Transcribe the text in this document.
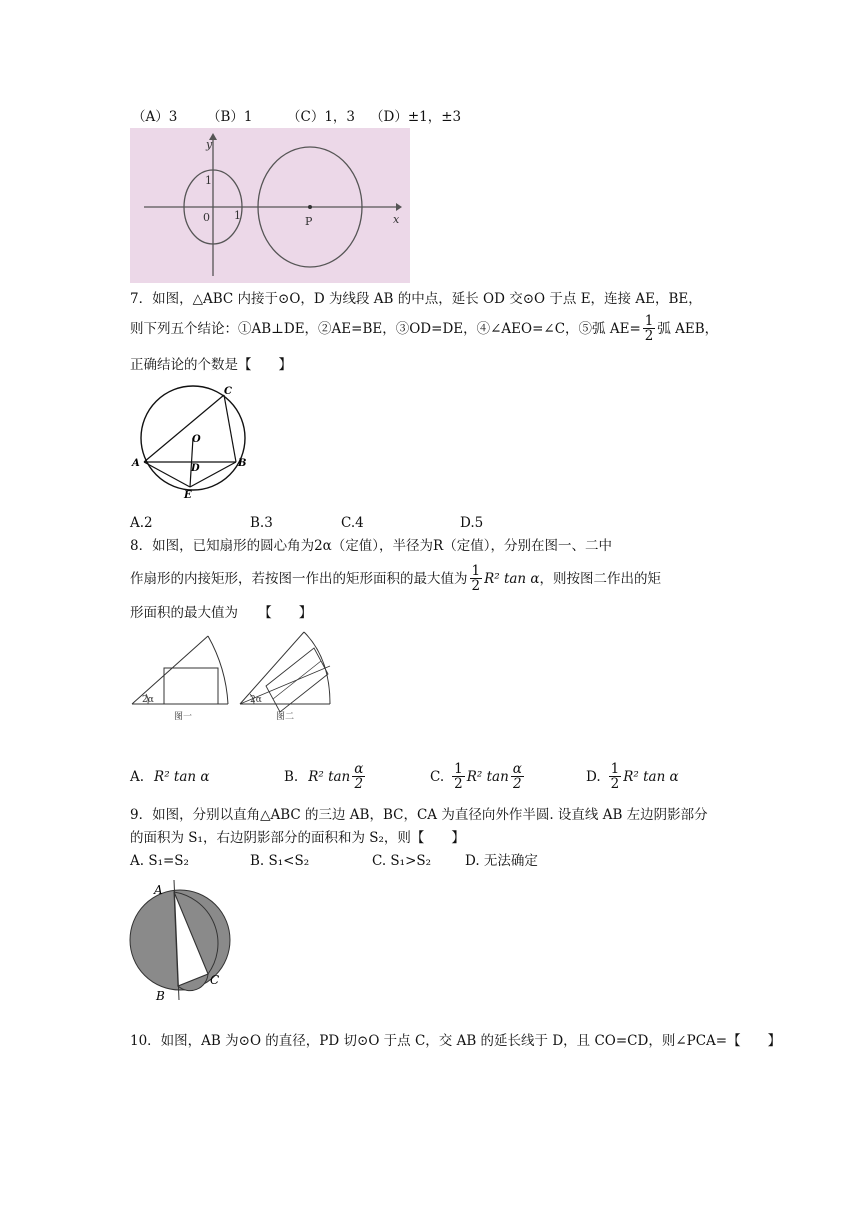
（A）3 （B）1	（C）1，3 （D）±1，±3
y
x
1
0 1	P
7．如图，△ABC 内接于⊙O，D 为线段 AB 的中点，延长 OD 交⊙O 于点 E，连接 AE，BE，
则下列五个结论：①AB⊥DE，②AE=BE，③OD=DE，④∠AEO=∠C，⑤弧 $AE= \frac{1}{2}$ 弧 AEB，
正确结论的个数是【　　】
A	B
C
O
D
E
A.2	B.3	C.4	D.5
8．如图，已知扇形的圆心角为2α（定值），半径为R（定值），分别在图一、二中
作扇形的内接矩形，若按图一作出的矩形面积的最大值为 $\frac{1}{2} R^2$ tan α ，则按图二作出的矩
形面积的最大值为　　【　　】
2α
图一
2α
图二
A. R² tan α	B. R² $\tan \frac{\alpha}{2}$	C. $\frac{1}{2} R^2$ $\tan \frac{\alpha}{2}$	D. $\frac{1}{2} R^2$ tan α
9．如图，分别以直角△ABC 的三边 AB，BC，CA 为直径向外作半圆. 设直线 AB 左边阴影部分
的面积为 S₁，右边阴影部分的面积和为 S₂，则【　　】
A. S₁=S₂	B. S₁<S₂	C. S₁>S₂	D. 无法确定
A
B
C
10．如图，AB 为⊙O 的直径，PD 切⊙O 于点 C，交 AB 的延长线于 D，且 CO=CD，则∠PCA=【　　】
